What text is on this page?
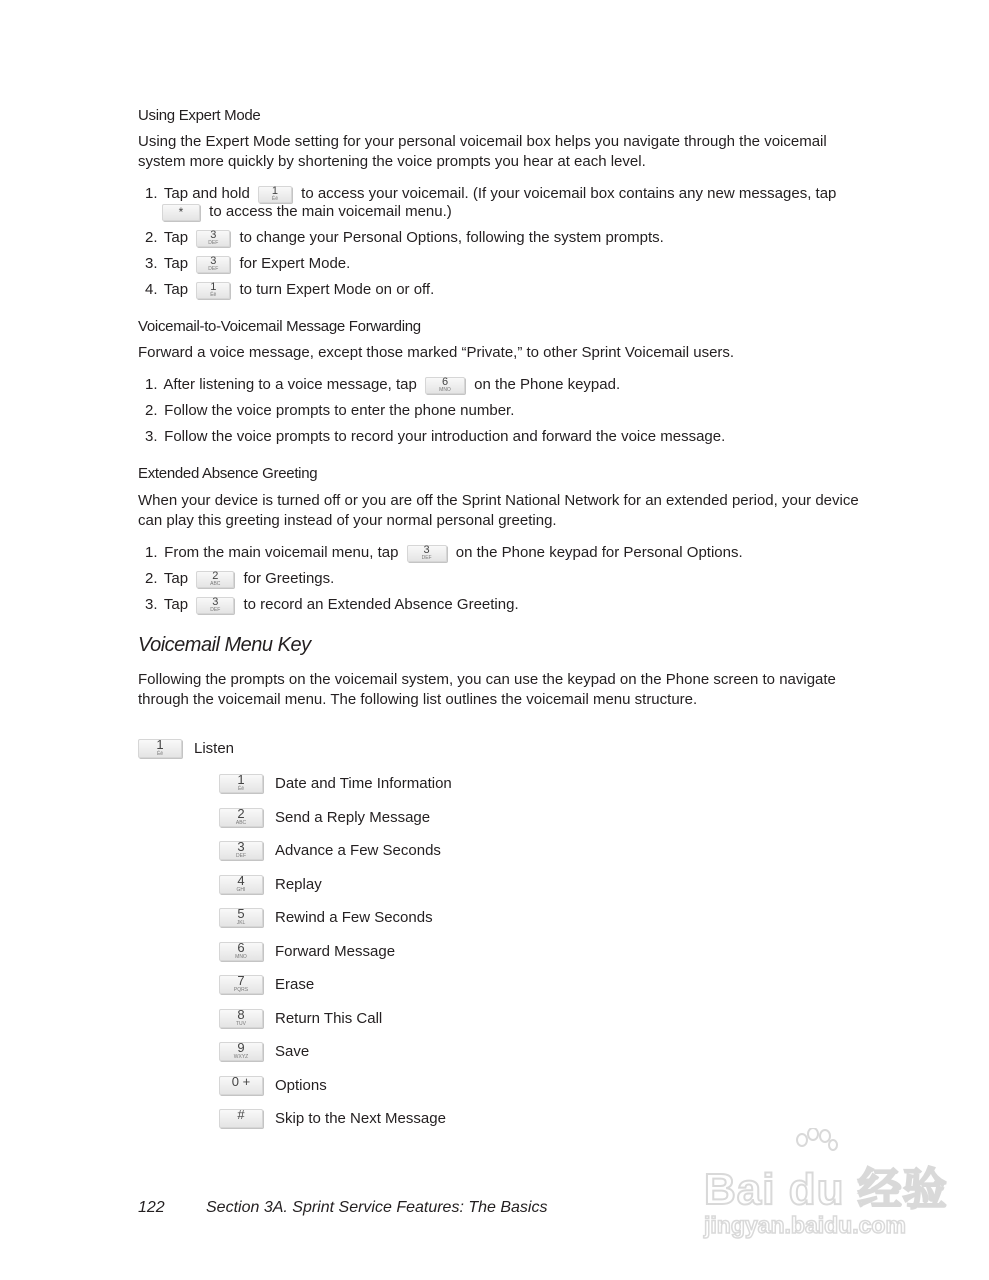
Using Expert Mode
Using the Expert Mode setting for your personal voicemail box helps you navigate through the voicemail system more quickly by shortening the voice prompts you hear at each level.
1. Tap and hold	1
Ēē	to access your voicemail. (If your voicemail box contains any new messages, tap
*	to access the main voicemail menu.)
2. Tap	3
DEF	to change your Personal Options, following the system prompts.
3. Tap	3
DEF	for Expert Mode.
4. Tap	1
Ēē	to turn Expert Mode on or off.
Voicemail-to-Voicemail Message Forwarding
Forward a voice message, except those marked “Private,” to other Sprint Voicemail users.
1. After listening to a voice message, tap	6
MNO	on the Phone keypad.
2. Follow the voice prompts to enter the phone number.
3. Follow the voice prompts to record your introduction and forward the voice message.
Extended Absence Greeting
When your device is turned off or you are off the Sprint National Network for an extended period, your device can play this greeting instead of your normal personal greeting.
1. From the main voicemail menu, tap	3
DEF	on the Phone keypad for Personal Options.
2. Tap	2
ABC	for Greetings.
3. Tap	3
DEF	to record an Extended Absence Greeting.
Voicemail Menu Key
Following the prompts on the voicemail system, you can use the keypad on the Phone screen to navigate through the voicemail menu. The following list outlines the voicemail menu structure.
1
Ēē	Listen
1
Ēē	Date and Time Information
2
ABC	Send a Reply Message
3
DEF	Advance a Few Seconds
4
GHI	Replay
5
JKL	Rewind a Few Seconds
6
MNO	Forward Message
7
PQRS	Erase
8
TUV	Return This Call
9
WXYZ	Save
0 +	Options
#	Skip to the Next Message
122	Section 3A. Sprint Service Features: The Basics	Bai du 经验
jingyan.baidu.com
